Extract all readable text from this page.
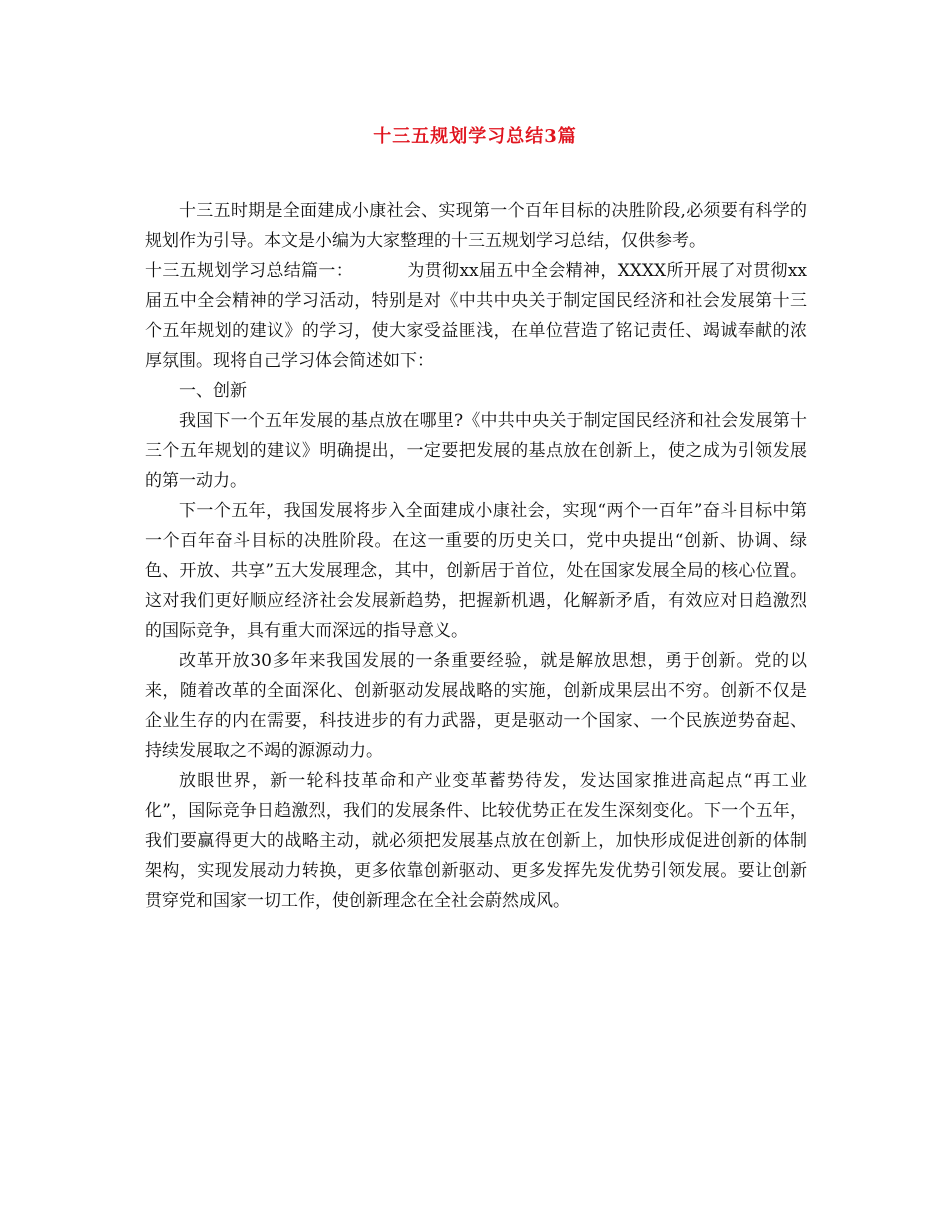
十三五规划学习总结3篇

十三五时期是全面建成小康社会、实现第一个百年目标的决胜阶段,必须要有科学的规划作为引导。本文是小编为大家整理的十三五规划学习总结，仅供参考。

十三五规划学习总结篇一：	为贯彻xx届五中全会精神，XXXX所开展了对贯彻xx届五中全会精神的学习活动，特别是对《中共中央关于制定国民经济和社会发展第十三个五年规划的建议》的学习，使大家受益匪浅，在单位营造了铭记责任、竭诚奉献的浓厚氛围。现将自己学习体会简述如下：

一、创新

我国下一个五年发展的基点放在哪里?《中共中央关于制定国民经济和社会发展第十三个五年规划的建议》明确提出，一定要把发展的基点放在创新上，使之成为引领发展的第一动力。

下一个五年，我国发展将步入全面建成小康社会，实现“两个一百年”奋斗目标中第一个百年奋斗目标的决胜阶段。在这一重要的历史关口，党中央提出“创新、协调、绿色、开放、共享”五大发展理念，其中，创新居于首位，处在国家发展全局的核心位置。这对我们更好顺应经济社会发展新趋势，把握新机遇，化解新矛盾，有效应对日趋激烈的国际竞争，具有重大而深远的指导意义。

改革开放30多年来我国发展的一条重要经验，就是解放思想，勇于创新。党的以来，随着改革的全面深化、创新驱动发展战略的实施，创新成果层出不穷。创新不仅是企业生存的内在需要，科技进步的有力武器，更是驱动一个国家、一个民族逆势奋起、持续发展取之不竭的源源动力。

放眼世界，新一轮科技革命和产业变革蓄势待发，发达国家推进高起点“再工业化”，国际竞争日趋激烈，我们的发展条件、比较优势正在发生深刻变化。下一个五年，我们要赢得更大的战略主动，就必须把发展基点放在创新上，加快形成促进创新的体制架构，实现发展动力转换，更多依靠创新驱动、更多发挥先发优势引领发展。要让创新贯穿党和国家一切工作，使创新理念在全社会蔚然成风。
